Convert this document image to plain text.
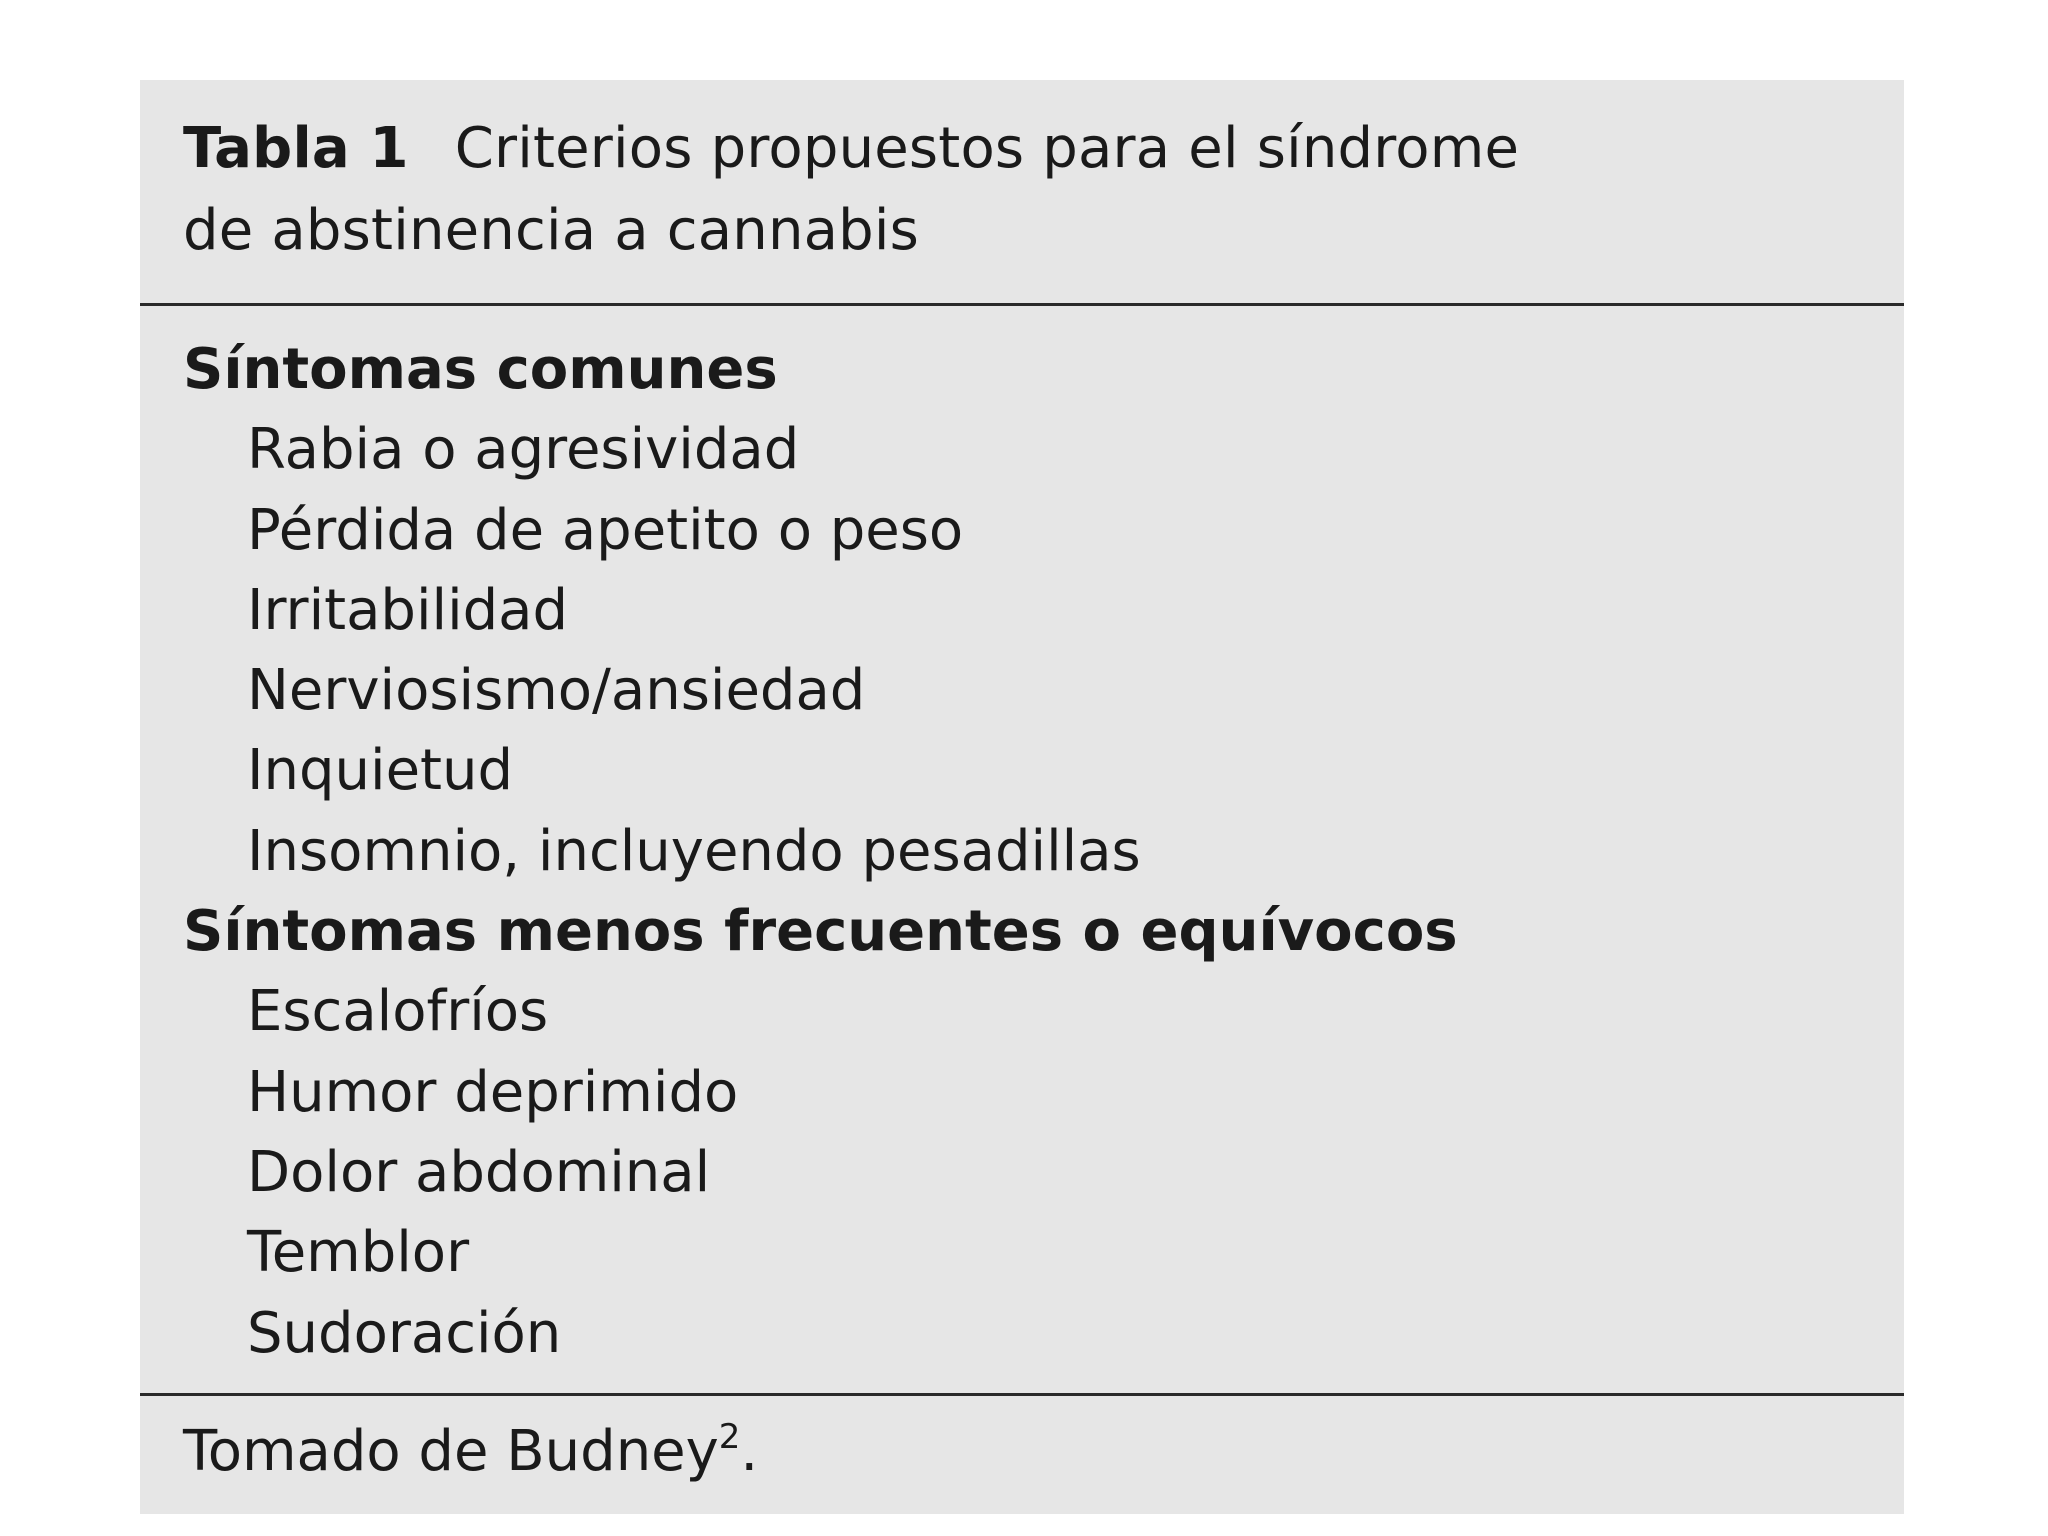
Tabla 1 Criterios propuestos para el síndrome
de abstinencia a cannabis
Síntomas comunes
Rabia o agresividad
Pérdida de apetito o peso
Irritabilidad
Nerviosismo/ansiedad
Inquietud
Insomnio, incluyendo pesadillas
Síntomas menos frecuentes o equívocos
Escalofríos
Humor deprimido
Dolor abdominal
Temblor
Sudoración
Tomado de Budney$^2$.
